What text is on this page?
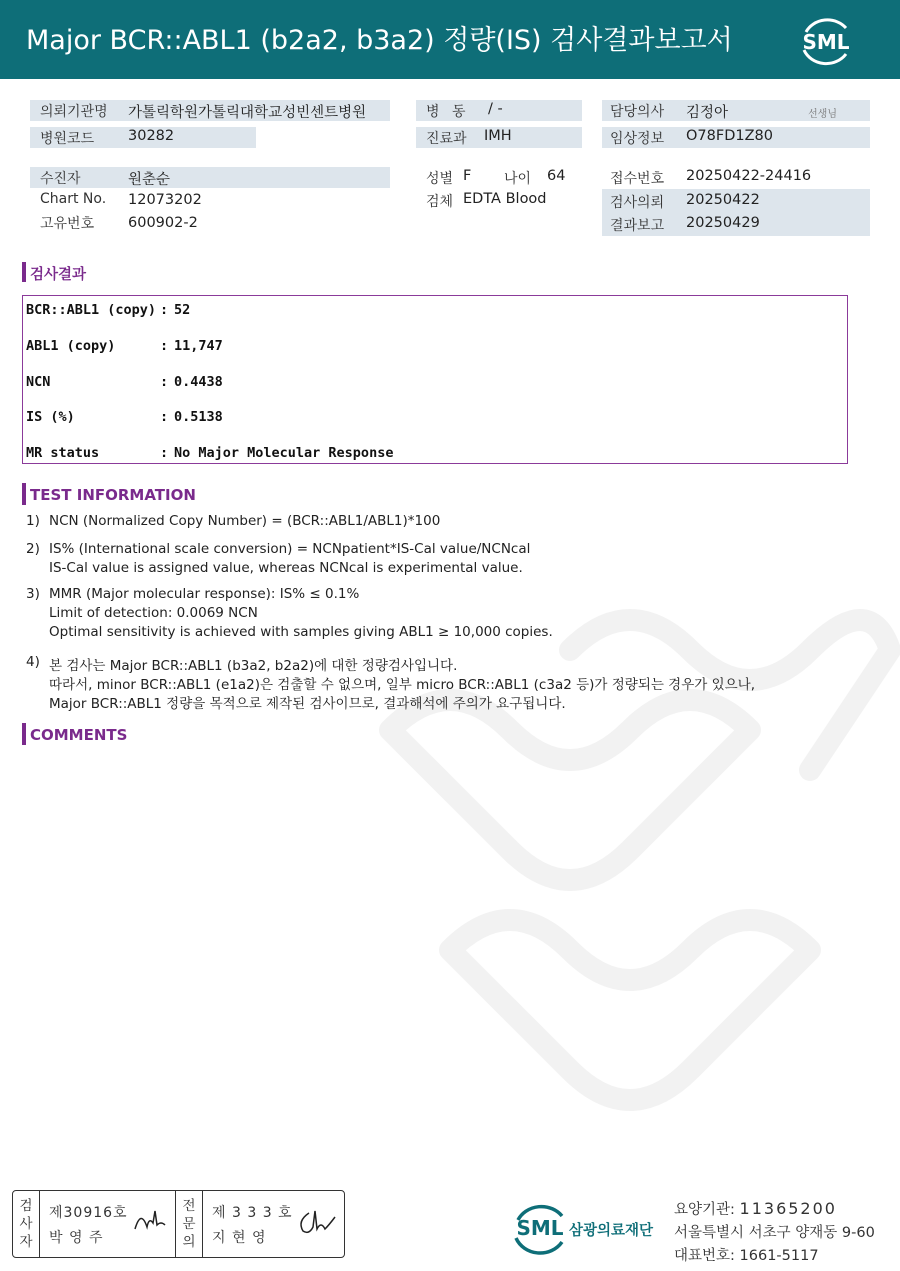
Major BCR::ABL1 (b2a2, b3a2) 정량(IS) 검사결과보고서	SML
의뢰기관명 가톨릭학원가톨릭대학교성빈센트병원
병원코드 30282
수진자	원춘순
Chart No. 12073202
고유번호 600902-2
병 동 / -
진료과 IMH
성별 F 나이 64
검체 EDTA Blood
담당의사 김정아	선생님
임상정보 O78FD1Z80
접수번호 20250422-24416
검사의뢰 20250422
결과보고 20250429
검사결과
BCR::ABL1 (copy) : 52
ABL1 (copy)	: 11,747
NCN	: 0.4438
IS (%)	: 0.5138
MR status	: No Major Molecular Response
TEST INFORMATION
1) NCN (Normalized Copy Number) = (BCR::ABL1/ABL1)*100
2) IS% (International scale conversion) = NCNpatient*IS-Cal value/NCNcal
IS-Cal value is assigned value, whereas NCNcal is experimental value.
3) MMR (Major molecular response): IS% ≤ 0.1%
Limit of detection: 0.0069 NCN
Optimal sensitivity is achieved with samples giving ABL1 ≥ 10,000 copies.
4) 본 검사는 Major BCR::ABL1 (b3a2, b2a2)에 대한 정량검사입니다.
따라서, minor BCR::ABL1 (e1a2)은 검출할 수 없으며, 일부 micro BCR::ABL1 (c3a2 등)가 정량되는 경우가 있으나,
Major BCR::ABL1 정량을 목적으로 제작된 검사이므로, 결과해석에 주의가 요구됩니다.
COMMENTS
검
사
자
제30916호
박 영 주
전
문
의
제 3 3 3 호
지 현 영	SML 삼광의료재단
요양기관: 11365200
서울특별시 서초구 양재동 9-60
대표번호: 1661-5117
